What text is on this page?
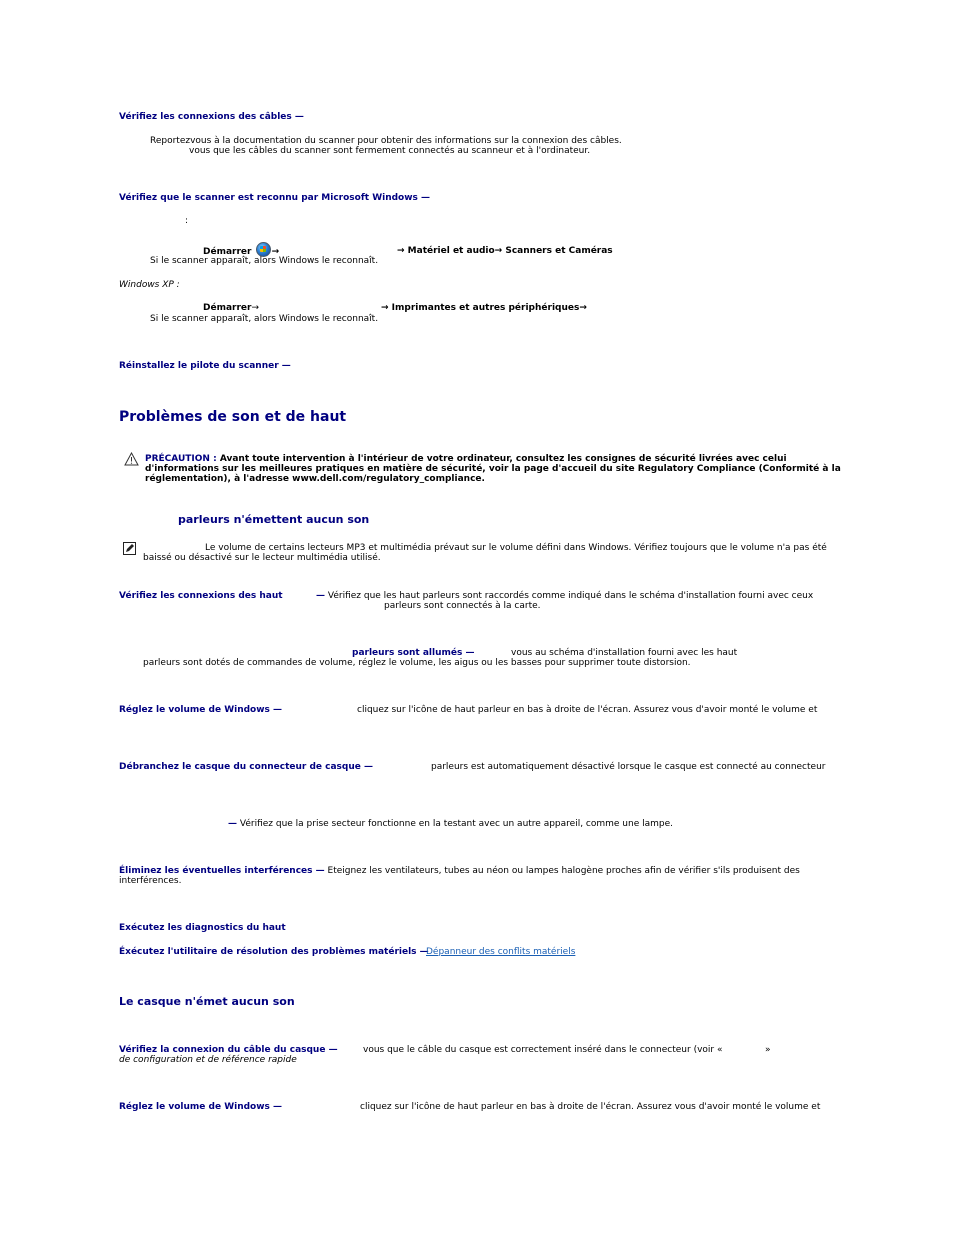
Vérifiez les connexions des câbles —
Reportezvous à la documentation du scanner pour obtenir des informations sur la connexion des câbles.
vous que les câbles du scanner sont fermement connectés au scanneur et à l'ordinateur.
Vérifiez que le scanner est reconnu par Microsoft Windows —
:
Démarrer →	→ Matériel et audio→ Scanners et Caméras
Si le scanner apparaît, alors Windows le reconnaît.
Windows XP :
Démarrer→	→ Imprimantes et autres périphériques→
Si le scanner apparaît, alors Windows le reconnaît.
Réinstallez le pilote du scanner —
Problèmes de son et de haut
PRÉCAUTION : Avant toute intervention à l'intérieur de votre ordinateur, consultez les consignes de sécurité livrées avec celui
d'informations sur les meilleures pratiques en matière de sécurité, voir la page d'accueil du site Regulatory Compliance (Conformité à la
réglementation), à l'adresse www.dell.com/regulatory_compliance.
parleurs n'émettent aucun son
Le volume de certains lecteurs MP3 et multimédia prévaut sur le volume défini dans Windows. Vérifiez toujours que le volume n'a pas été
baissé ou désactivé sur le lecteur multimédia utilisé.
Vérifiez les connexions des haut	— Vérifiez que les haut parleurs sont raccordés comme indiqué dans le schéma d'installation fourni avec ceux
parleurs sont connectés à la carte.
parleurs sont allumés —	vous au schéma d'installation fourni avec les haut
parleurs sont dotés de commandes de volume, réglez le volume, les aigus ou les basses pour supprimer toute distorsion.
Réglez le volume de Windows —	cliquez sur l'icône de haut parleur en bas à droite de l'écran. Assurez vous d'avoir monté le volume et
Débranchez le casque du connecteur de casque —	parleurs est automatiquement désactivé lorsque le casque est connecté au connecteur
— Vérifiez que la prise secteur fonctionne en la testant avec un autre appareil, comme une lampe.
Éliminez les éventuelles interférences — Eteignez les ventilateurs, tubes au néon ou lampes halogène proches afin de vérifier s'ils produisent des
interférences.
Exécutez les diagnostics du haut
Éxécutez l'utilitaire de résolution des problèmes matériels —
Dépanneur des conflits matériels
Le casque n'émet aucun son
Vérifiez la connexion du câble du casque —	vous que le câble du casque est correctement inséré dans le connecteur (voir «	»
de configuration et de référence rapide
Réglez le volume de Windows —	cliquez sur l'icône de haut parleur en bas à droite de l'écran. Assurez vous d'avoir monté le volume et
